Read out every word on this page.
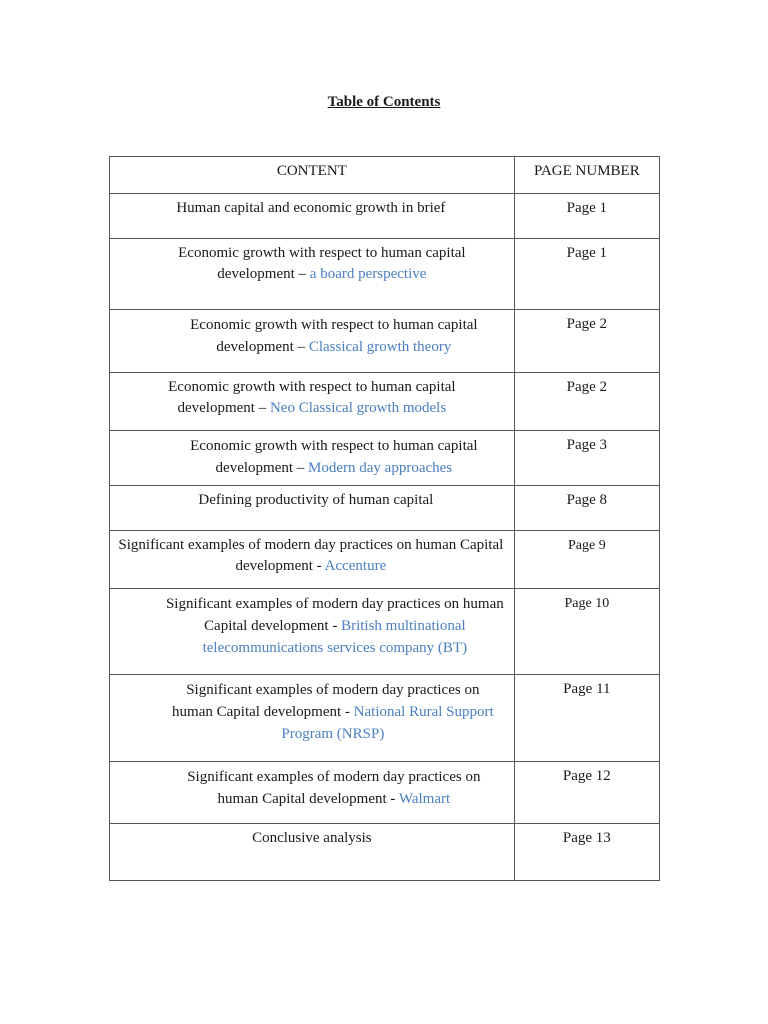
Table of Contents
CONTENT	PAGE NUMBER
Human capital and economic growth in brief	Page 1
Economic growth with respect to human capital development – a board perspective	Page 1
Economic growth with respect to human capital development – Classical growth theory	Page 2
Economic growth with respect to human capital development – Neo Classical growth models	Page 2
Economic growth with respect to human capital development – Modern day approaches	Page 3
Defining productivity of human capital	Page 8
Significant examples of modern day practices on human Capital development - Accenture	Page 9
Significant examples of modern day practices on human Capital development - British multinational telecommunications services company (BT)	Page 10
Significant examples of modern day practices on human Capital development - National Rural Support Program (NRSP)	Page 11
Significant examples of modern day practices on human Capital development - Walmart	Page 12
Conclusive analysis	Page 13
